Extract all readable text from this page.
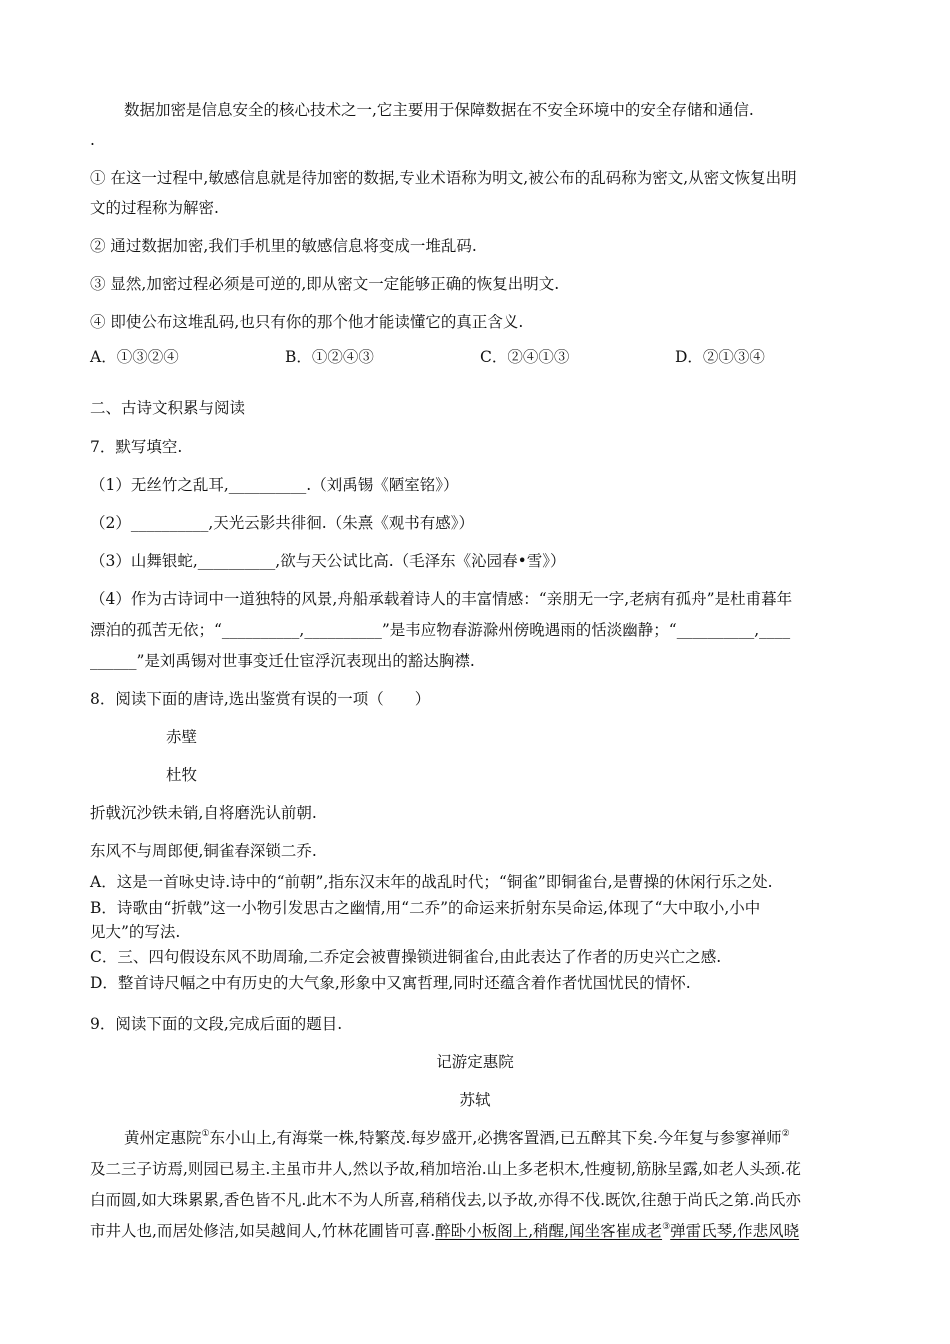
数据加密是信息安全的核心技术之一,它主要用于保障数据在不安全环境中的安全存储和通信.
.
① 在这一过程中,敏感信息就是待加密的数据,专业术语称为明文,被公布的乱码称为密文,从密文恢复出明
文的过程称为解密.
② 通过数据加密,我们手机里的敏感信息将变成一堆乱码.
③ 显然,加密过程必须是可逆的,即从密文一定能够正确的恢复出明文.
④ 即使公布这堆乱码,也只有你的那个他才能读懂它的真正含义.
A．①③②④	B．①②④③	C．②④①③	D．②①③④
二、古诗文积累与阅读
7．默写填空.
（1）无丝竹之乱耳,__________.（刘禹锡《陋室铭》）
（2）__________,天光云影共徘徊.（朱熹《观书有感》）
（3）山舞银蛇,__________,欲与天公试比高.（毛泽东《沁园春•雪》）
（4）作为古诗词中一道独特的风景,舟船承载着诗人的丰富情感：“亲朋无一字,老病有孤舟”是杜甫暮年
漂泊的孤苦无依；“__________,__________”是韦应物春游滁州傍晚遇雨的恬淡幽静；“__________,____
______”是刘禹锡对世事变迁仕宦浮沉表现出的豁达胸襟.
8．阅读下面的唐诗,选出鉴赏有误的一项（　　）
赤壁
杜牧
折戟沉沙铁未销,自将磨洗认前朝.
东风不与周郎便,铜雀春深锁二乔.
A．这是一首咏史诗.诗中的“前朝”,指东汉末年的战乱时代；“铜雀”即铜雀台,是曹操的休闲行乐之处.
B．诗歌由“折戟”这一小物引发思古之幽情,用“二乔”的命运来折射东吴命运,体现了“大中取小,小中
见大”的写法.
C．三、四句假设东风不助周瑜,二乔定会被曹操锁进铜雀台,由此表达了作者的历史兴亡之感.
D．整首诗尺幅之中有历史的大气象,形象中又寓哲理,同时还蕴含着作者忧国忧民的情怀.
9．阅读下面的文段,完成后面的题目.
记游定惠院
苏轼
黄州定惠院①东小山上,有海棠一株,特繁茂.每岁盛开,必携客置酒,已五醉其下矣.今年复与参寥禅师②
及二三子访焉,则园已易主.主虽市井人,然以予故,稍加培治.山上多老枳木,性瘦韧,筋脉呈露,如老人头颈.花
白而圆,如大珠累累,香色皆不凡.此木不为人所喜,稍稍伐去,以予故,亦得不伐.既饮,往憩于尚氏之第.尚氏亦
市井人也,而居处修洁,如吴越间人,竹林花圃皆可喜.醉卧小板阁上,稍醒,闻坐客崔成老③弹雷氏琴,作悲风晓
